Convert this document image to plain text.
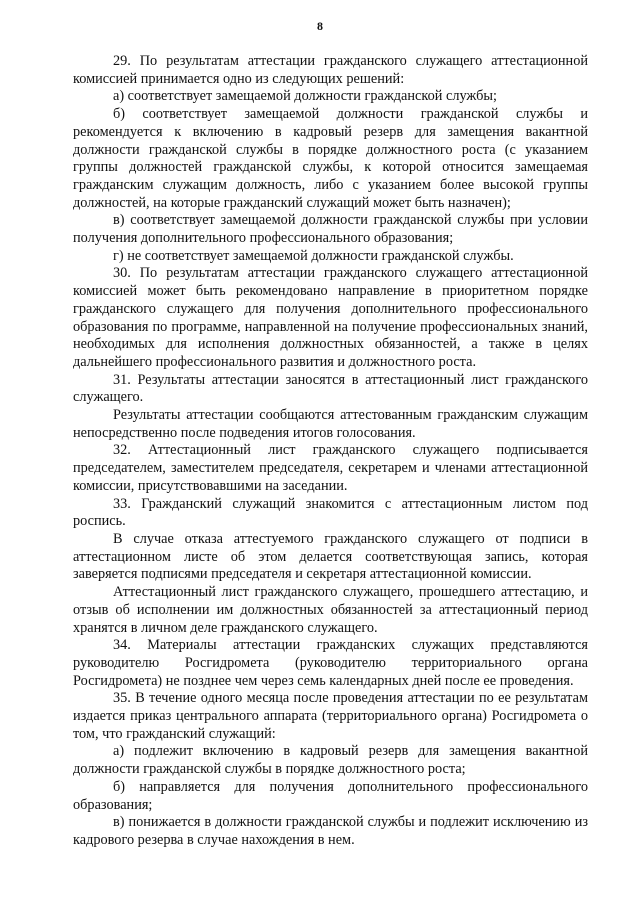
8

29. По результатам аттестации гражданского служащего аттестационной комиссией принимается одно из следующих решений:

а) соответствует замещаемой должности гражданской службы;

б) соответствует замещаемой должности гражданской службы и рекомендуется к включению в кадровый резерв для замещения вакантной должности гражданской службы в порядке должностного роста (с указанием группы должностей гражданской службы, к которой относится замещаемая гражданским служащим должность, либо с указанием более высокой группы должностей, на которые гражданский служащий может быть назначен);

в) соответствует замещаемой должности гражданской службы при условии получения дополнительного профессионального образования;

г) не соответствует замещаемой должности гражданской службы.

30. По результатам аттестации гражданского служащего аттестационной комиссией может быть рекомендовано направление в приоритетном порядке гражданского служащего для получения дополнительного профессионального образования по программе, направленной на получение профессиональных знаний, необходимых для исполнения должностных обязанностей, а также в целях дальнейшего профессионального развития и должностного роста.

31. Результаты аттестации заносятся в аттестационный лист гражданского служащего.

Результаты аттестации сообщаются аттестованным гражданским служащим непосредственно после подведения итогов голосования.

32. Аттестационный лист гражданского служащего подписывается председателем, заместителем председателя, секретарем и членами аттестационной комиссии, присутствовавшими на заседании.

33. Гражданский служащий знакомится с аттестационным листом под роспись.

В случае отказа аттестуемого гражданского служащего от подписи в аттестационном листе об этом делается соответствующая запись, которая заверяется подписями председателя и секретаря аттестационной комиссии.

Аттестационный лист гражданского служащего, прошедшего аттестацию, и отзыв об исполнении им должностных обязанностей за аттестационный период хранятся в личном деле гражданского служащего.

34. Материалы аттестации гражданских служащих представляются руководителю Росгидромета (руководителю территориального органа Росгидромета) не позднее чем через семь календарных дней после ее проведения.

35. В течение одного месяца после проведения аттестации по ее результатам издается приказ центрального аппарата (территориального органа) Росгидромета о том, что гражданский служащий:

а) подлежит включению в кадровый резерв для замещения вакантной должности гражданской службы в порядке должностного роста;

б) направляется для получения дополнительного профессионального образования;

в) понижается в должности гражданской службы и подлежит исключению из кадрового резерва в случае нахождения в нем.
